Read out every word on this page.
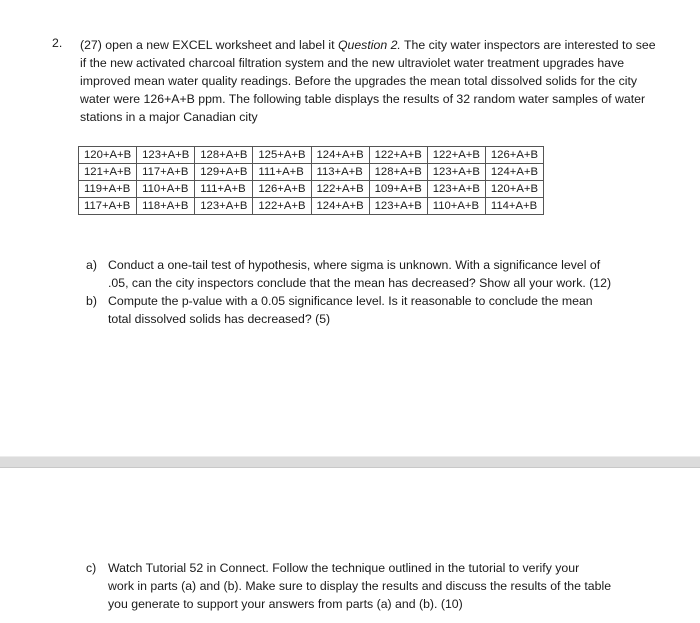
2. (27) open a new EXCEL worksheet and label it Question 2. The city water inspectors are interested to see if the new activated charcoal filtration system and the new ultraviolet water treatment upgrades have improved mean water quality readings. Before the upgrades the mean total dissolved solids for the city water were 126+A+B ppm. The following table displays the results of 32 random water samples of water stations in a major Canadian city
120+A+B	123+A+B	128+A+B	125+A+B	124+A+B	122+A+B	122+A+B	126+A+B
121+A+B	117+A+B	129+A+B	111+A+B	113+A+B	128+A+B	123+A+B	124+A+B
119+A+B	110+A+B	111+A+B	126+A+B	122+A+B	109+A+B	123+A+B	120+A+B
117+A+B	118+A+B	123+A+B	122+A+B	124+A+B	123+A+B	110+A+B	114+A+B
a) Conduct a one-tail test of hypothesis, where sigma is unknown. With a significance level of
.05, can the city inspectors conclude that the mean has decreased? Show all your work. (12)
b) Compute the p-value with a 0.05 significance level. Is it reasonable to conclude the mean
total dissolved solids has decreased? (5)
c) Watch Tutorial 52 in Connect. Follow the technique outlined in the tutorial to verify your
work in parts (a) and (b). Make sure to display the results and discuss the results of the table
you generate to support your answers from parts (a) and (b). (10)
